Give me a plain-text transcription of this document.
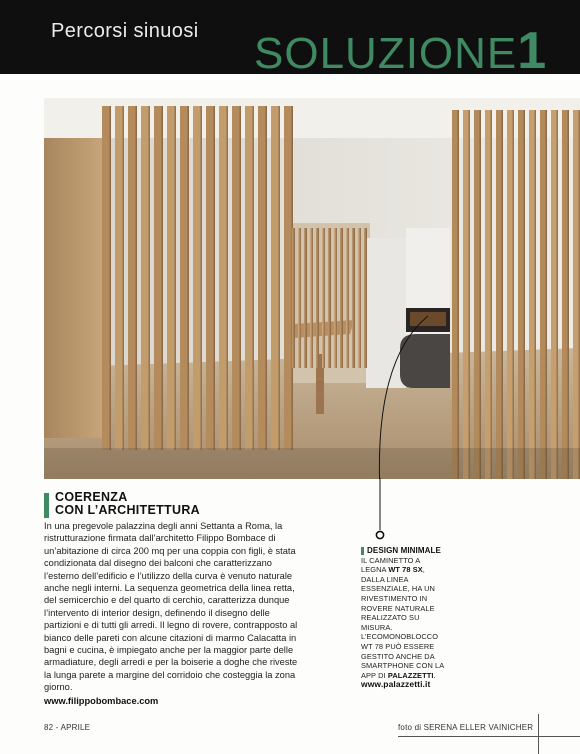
Percorsi sinuosi SOLUZIONE1
COERENZA
CON L’ARCHITETTURA
In una pregevole palazzina degli anni Settanta a Roma, la ristrutturazione firmata dall’architetto Filippo Bombace di un’abitazione di circa 200 mq per una coppia con figli, è stata condizionata dal disegno dei balconi che caratterizzano l’esterno dell’edificio e l’utilizzo della curva è venuto naturale anche negli interni. La sequenza geometrica della linea retta, del semicerchio e del quarto di cerchio, caratterizza dunque l’intervento di interior design, definendo il disegno delle partizioni e di tutti gli arredi. Il legno di rovere, contrapposto al bianco delle pareti con alcune citazioni di marmo Calacatta in bagni e cucina, è impiegato anche per la maggior parte delle armadiature, degli arredi e per la boiserie a doghe che riveste la lunga parete a margine del corridoio che costeggia la zona giorno.
www.filippobombace.com
DESIGN MINIMALE
IL CAMINETTO A LEGNA WT 78 SX, DALLA LINEA ESSENZIALE, HA UN RIVESTIMENTO IN ROVERE NATURALE REALIZZATO SU MISURA. L’ECOMONOBLOCCO WT 78 PUÒ ESSERE GESTITO ANCHE DA SMARTPHONE CON LA APP DI PALAZZETTI.
www.palazzetti.it
82 - APRILE	foto di SERENA ELLER VAINICHER
